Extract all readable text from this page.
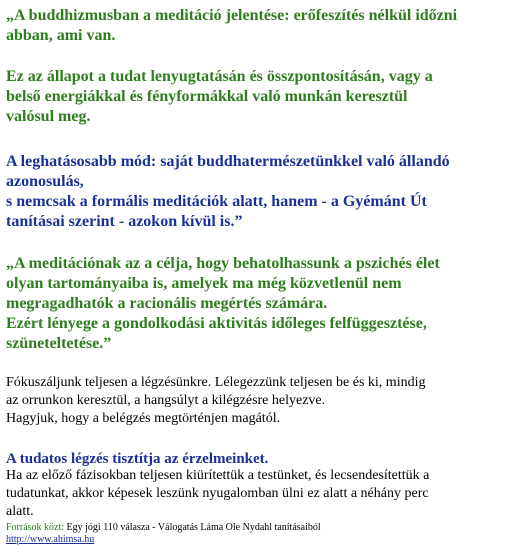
„A buddhizmusban a meditáció jelentése: erőfeszítés nélkül időzni
abban, ami van.

Ez az állapot a tudat lenyugtatásán és összpontosításán, vagy a
belső energiákkal és fényformákkal való munkán keresztül
valósul meg.

A leghatásosabb mód: saját buddhatermészetünkkel való állandó
azonosulás,
s nemcsak a formális meditációk alatt, hanem - a Gyémánt Út
tanításai szerint - azokon kívül is.”

„A meditációnak az a célja, hogy behatolhassunk a pszichés élet
olyan tartományaiba is, amelyek ma még közvetlenül nem
megragadhatók a racionális megértés számára.
Ezért lényege a gondolkodási aktivitás időleges felfüggesztése,
szüneteltetése.”

Fókuszáljunk teljesen a légzésünkre. Lélegezzünk teljesen be és ki, mindig
az orrunkon keresztül, a hangsúlyt a kilégzésre helyezve.
Hagyjuk, hogy a belégzés megtörténjen magától.

A tudatos légzés tisztítja az érzelmeinket.

Ha az előző fázisokban teljesen kiürítettük a testünket, és lecsendesítettük a
tudatunkat, akkor képesek leszünk nyugalomban ülni ez alatt a néhány perc
alatt.

Források közt: Egy jógi 110 válasza - Válogatás Láma Ole Nydahl tanításaiból
http://www.ahimsa.hu
